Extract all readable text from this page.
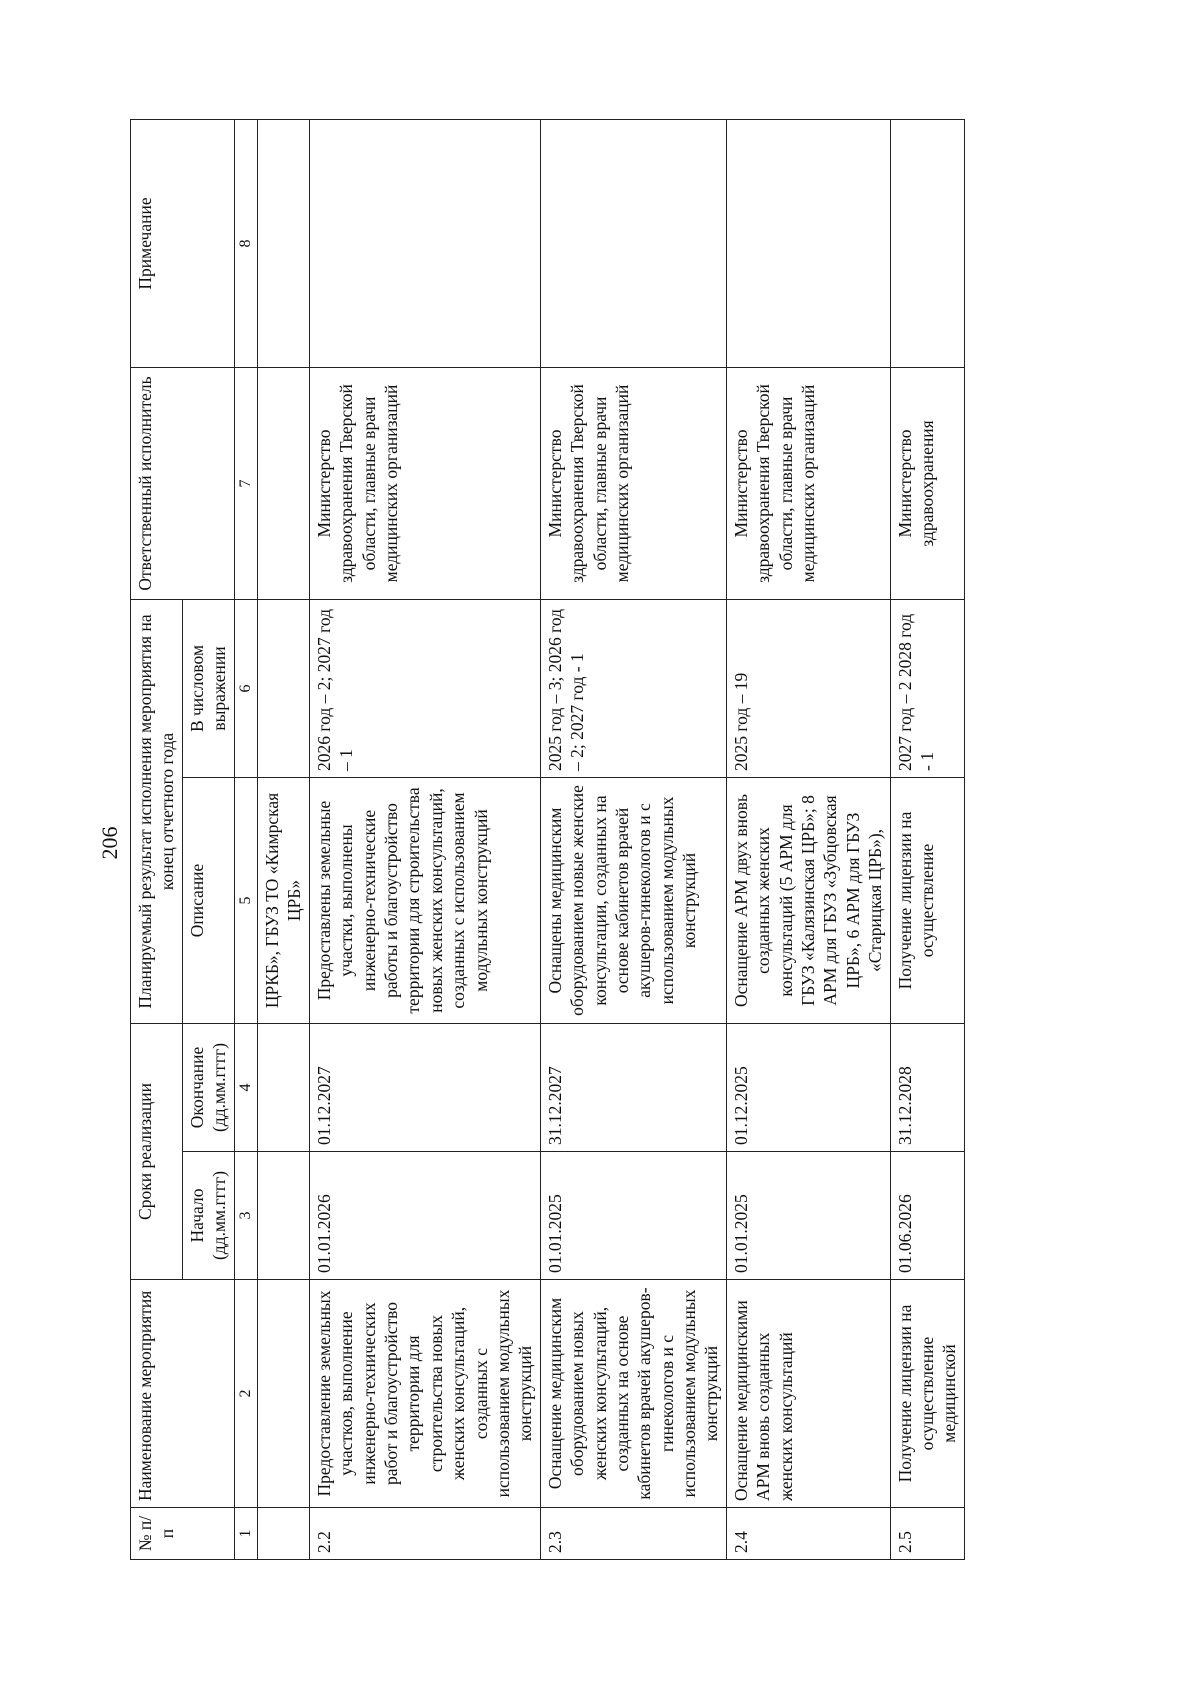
206
№ п/п	Наименование мероприятия	Сроки реализации		Планируемый результат исполнения мероприятия на конец отчетного года		Ответственный исполнитель	Примечание
		Начало (дд.мм.гггг)	Окончание (дд.мм.гггг)	Описание	В числовом выражении		
1	2	3	4	5	6	7	8
				ЦРКБ», ГБУЗ ТО «Кимрская ЦРБ»			
2.2	Предоставление земельных участков, выполнение инженерно-технических работ и благоустройство территории для строительства новых женских консультаций, созданных с использованием модульных конструкций	01.01.2026	01.12.2027	Предоставлены земельные участки, выполнены инженерно-технические работы и благоустройство территории для строительства новых женских консультаций, созданных с использованием модульных конструкций	2026 год – 2; 2027 год – 1	Министерство здравоохранения Тверской области, главные врачи медицинских организаций	
2.3	Оснащение медицинским оборудованием новых женских консультаций, созданных на основе кабинетов врачей акушеров-гинекологов и с использованием модульных конструкций	01.01.2025	31.12.2027	Оснащены медицинским оборудованием новые женские консультации, созданных на основе кабинетов врачей акушеров-гинекологов и с использованием модульных конструкций	2025 год – 3; 2026 год – 2; 2027 год - 1	Министерство здравоохранения Тверской области, главные врачи медицинских организаций	
2.4	Оснащение медицинскими АРМ вновь созданных женских консультаций	01.01.2025	01.12.2025	Оснащение АРМ двух вновь созданных женских консультаций (5 АРМ для ГБУЗ «Калязинская ЦРБ»; 8 АРМ для ГБУЗ «Зубцовская ЦРБ», 6 АРМ для ГБУЗ «Старицкая ЦРБ»),	2025 год – 19	Министерство здравоохранения Тверской области, главные врачи медицинских организаций	
2.5	Получение лицензии на осуществление медицинской	01.06.2026	31.12.2028	Получение лицензии на осуществление	2027 год – 2 2028 год - 1	Министерство здравоохранения	
